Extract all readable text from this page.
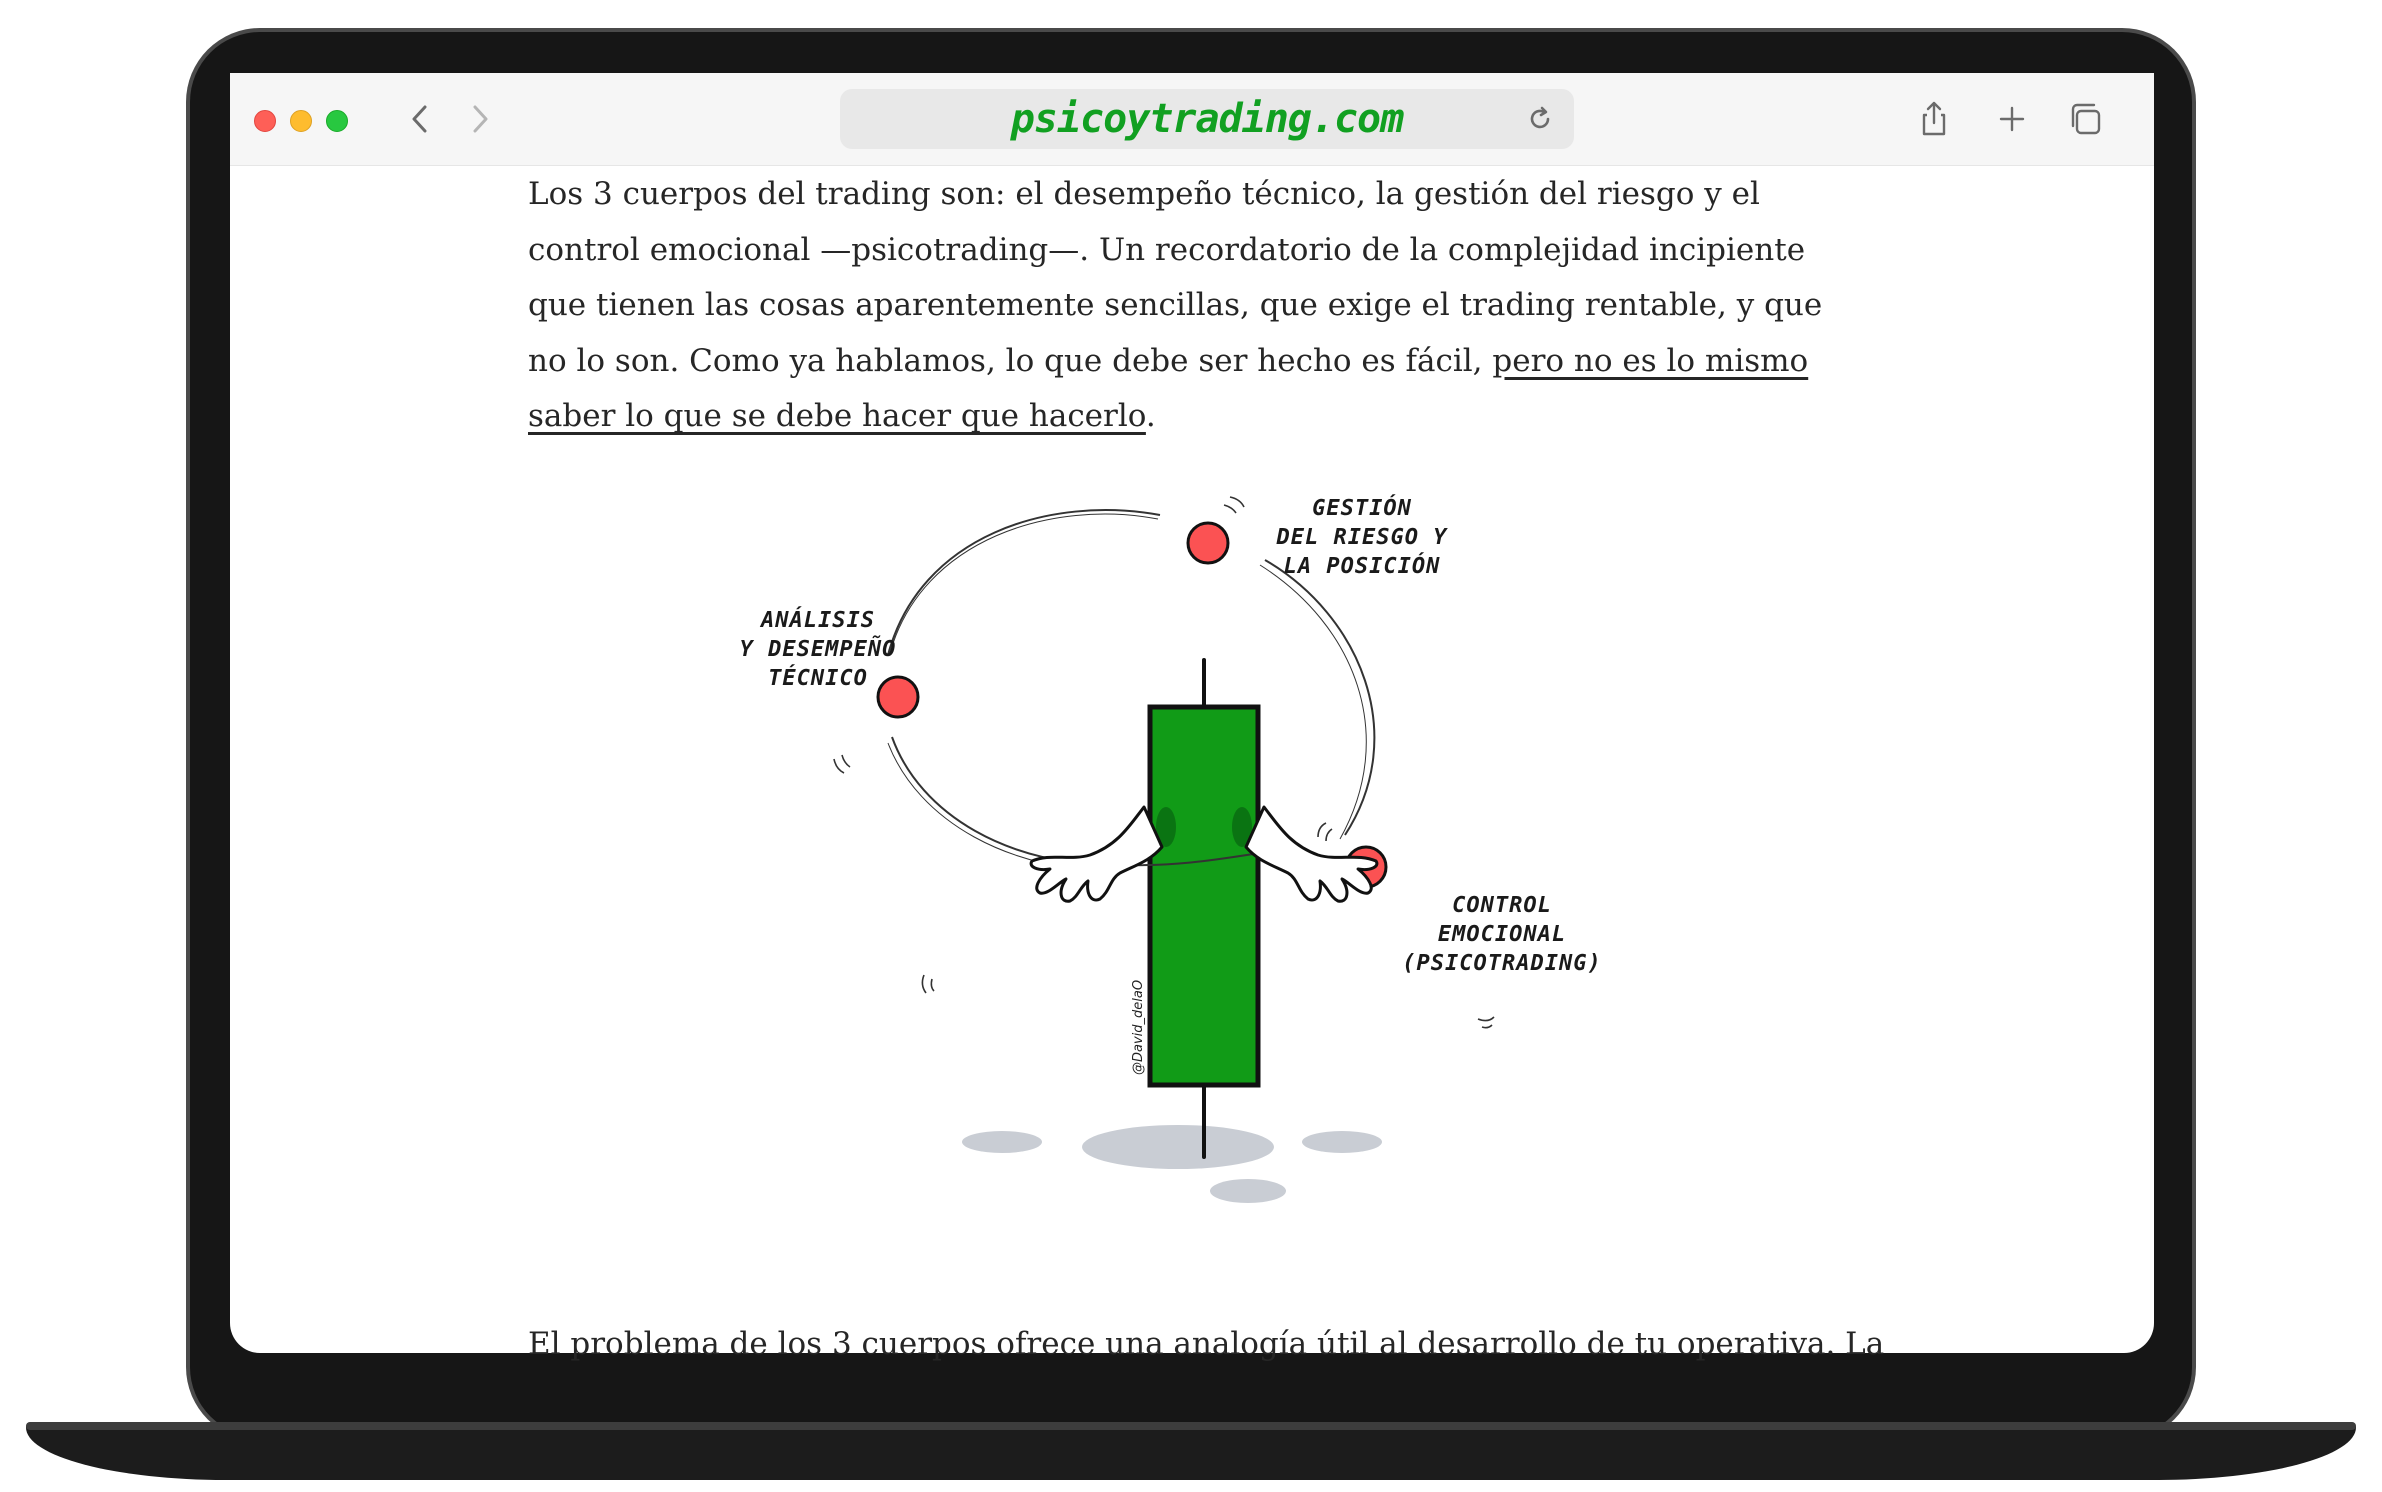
psicoytrading.com

Los 3 cuerpos del trading son: el desempeño técnico, la gestión del riesgo y el control emocional —psicotrading—. Un recordatorio de la complejidad incipiente que tienen las cosas aparentemente sencillas, que exige el trading rentable, y que no lo son. Como ya hablamos, lo que debe ser hecho es fácil, pero no es lo mismo saber lo que se debe hacer que hacerlo.

ANÁLISIS
Y DESEMPEÑO
TÉCNICO
GESTIÓN
DEL RIESGO Y
LA POSICIÓN
CONTROL
EMOCIONAL
(PSICOTRADING)
@David_delaO

El problema de los 3 cuerpos ofrece una analogía útil al desarrollo de tu operativa. La
